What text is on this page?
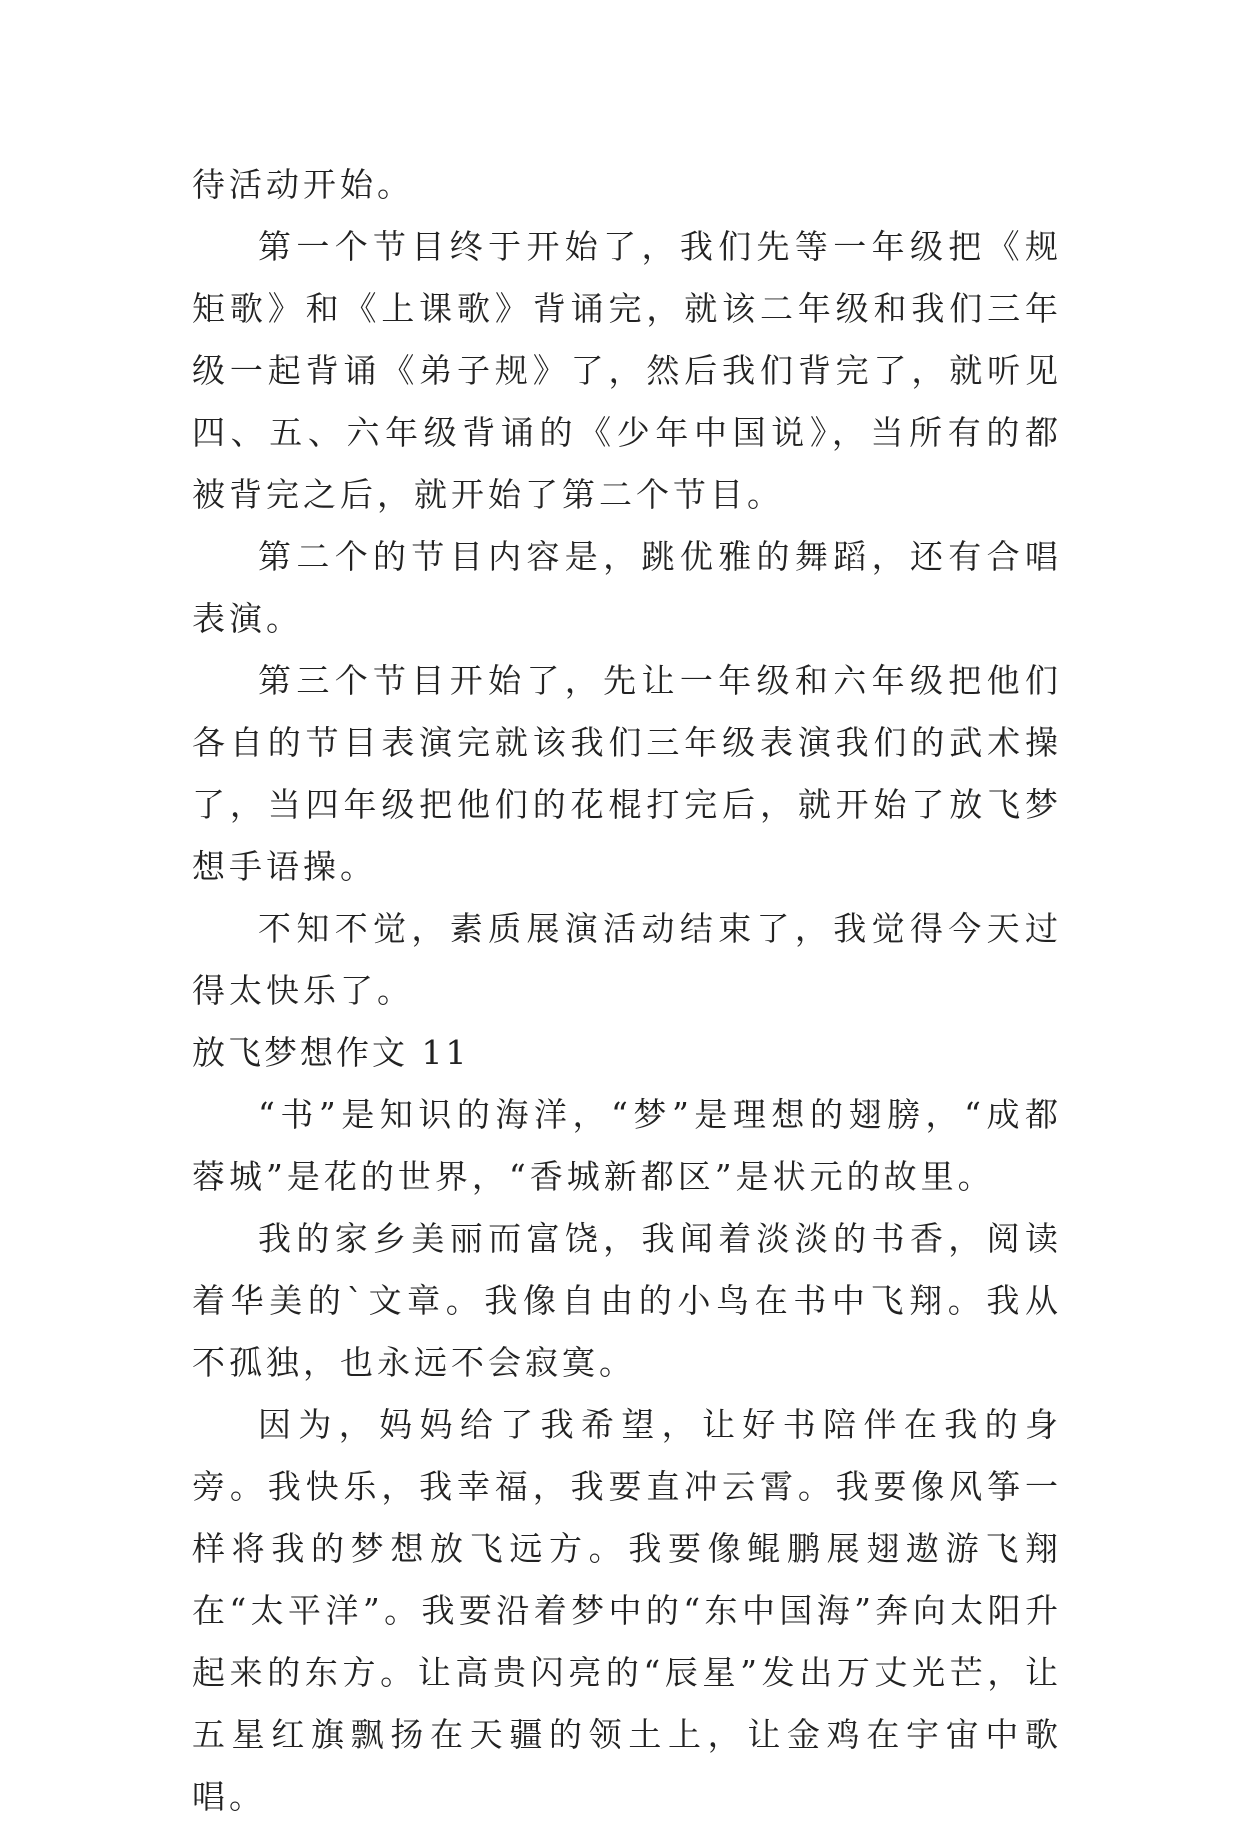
待活动开始。

第一个节目终于开始了，我们先等一年级把《规矩歌》和《上课歌》背诵完，就该二年级和我们三年级一起背诵《弟子规》了，然后我们背完了，就听见四、五、六年级背诵的《少年中国说》，当所有的都被背完之后，就开始了第二个节目。

第二个的节目内容是，跳优雅的舞蹈，还有合唱表演。

第三个节目开始了，先让一年级和六年级把他们各自的节目表演完就该我们三年级表演我们的武术操了，当四年级把他们的花棍打完后，就开始了放飞梦想手语操。

不知不觉，素质展演活动结束了，我觉得今天过得太快乐了。

放飞梦想作文 11

“书”是知识的海洋，“梦”是理想的翅膀，“成都蓉城”是花的世界，“香城新都区”是状元的故里。

我的家乡美丽而富饶，我闻着淡淡的书香，阅读着华美的`文章。我像自由的小鸟在书中飞翔。我从不孤独，也永远不会寂寞。

因为，妈妈给了我希望，让好书陪伴在我的身旁。我快乐，我幸福，我要直冲云霄。我要像风筝一样将我的梦想放飞远方。我要像鲲鹏展翅遨游飞翔在“太平洋”。我要沿着梦中的“东中国海”奔向太阳升起来的东方。让高贵闪亮的“辰星”发出万丈光芒，让五星红旗飘扬在天疆的领土上，让金鸡在宇宙中歌唱。
